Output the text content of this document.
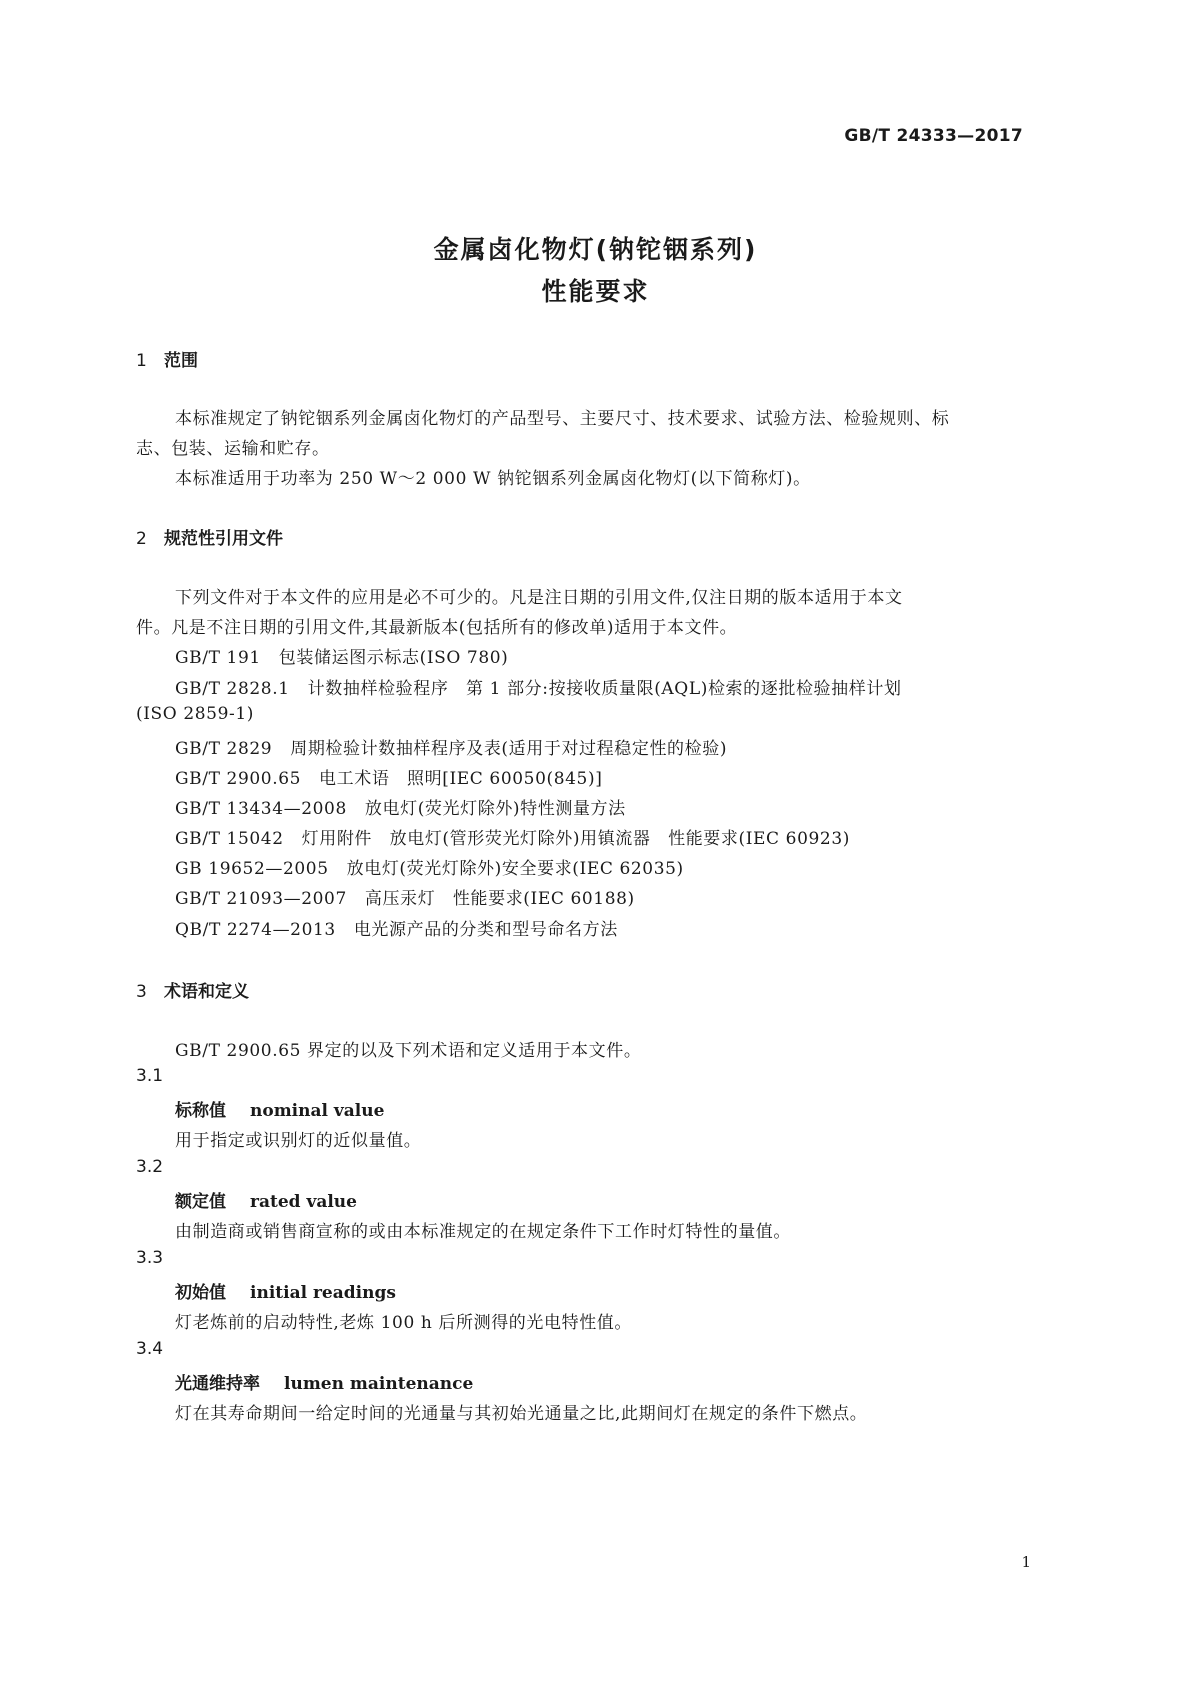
GB/T 24333—2017
金属卤化物灯(钠铊铟系列)
性能要求
1 范围
本标准规定了钠铊铟系列金属卤化物灯的产品型号、主要尺寸、技术要求、试验方法、检验规则、标
志、包装、运输和贮存。
本标准适用于功率为 250 W～2 000 W 钠铊铟系列金属卤化物灯(以下简称灯)。
2 规范性引用文件
下列文件对于本文件的应用是必不可少的。凡是注日期的引用文件,仅注日期的版本适用于本文
件。凡是不注日期的引用文件,其最新版本(包括所有的修改单)适用于本文件。
GB/T 191 包装储运图示标志(ISO 780)
GB/T 2828.1 计数抽样检验程序　第 1 部分:按接收质量限(AQL)检索的逐批检验抽样计划
(ISO 2859-1)
GB/T 2829 周期检验计数抽样程序及表(适用于对过程稳定性的检验)
GB/T 2900.65 电工术语　照明[IEC 60050(845)]
GB/T 13434—2008 放电灯(荧光灯除外)特性测量方法
GB/T 15042 灯用附件　放电灯(管形荧光灯除外)用镇流器　性能要求(IEC 60923)
GB 19652—2005 放电灯(荧光灯除外)安全要求(IEC 62035)
GB/T 21093—2007 高压汞灯　性能要求(IEC 60188)
QB/T 2274—2013 电光源产品的分类和型号命名方法
3 术语和定义
GB/T 2900.65 界定的以及下列术语和定义适用于本文件。
3.1
标称值 nominal value
用于指定或识别灯的近似量值。
3.2
额定值 rated value
由制造商或销售商宣称的或由本标准规定的在规定条件下工作时灯特性的量值。
3.3
初始值 initial readings
灯老炼前的启动特性,老炼 100 h 后所测得的光电特性值。
3.4
光通维持率 lumen maintenance
灯在其寿命期间一给定时间的光通量与其初始光通量之比,此期间灯在规定的条件下燃点。
1
